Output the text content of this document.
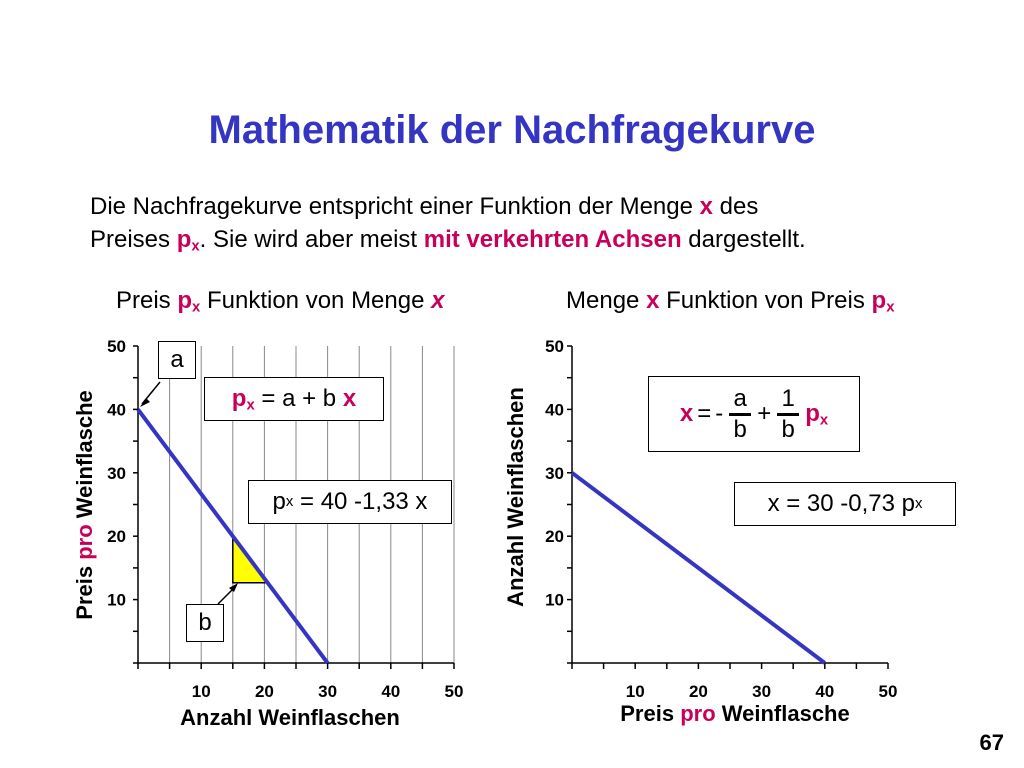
Mathematik der Nachfragekurve
Die Nachfragekurve entspricht einer Funktion der Menge x des
Preises $p_x$. Sie wird aber meist mit verkehrten Achsen dargestellt.
Preis $p_x$ Funktion von Menge x	Menge x Funktion von Preis $p_x$
10
20
30
40
50
10	20	30	40	50
10
20
30
40
50
10	20	30	40	50
Preis pro Weinflasche	Anzahl Weinflaschen
Anzahl Weinflaschen	Preis pro Weinflasche
a
b
$p_x = a + b$ x
p x = 40 -1,33 x
x = - $\frac{a}{b} + \frac{1}{b} p_x$
x = 30 -0,73 p x
67
